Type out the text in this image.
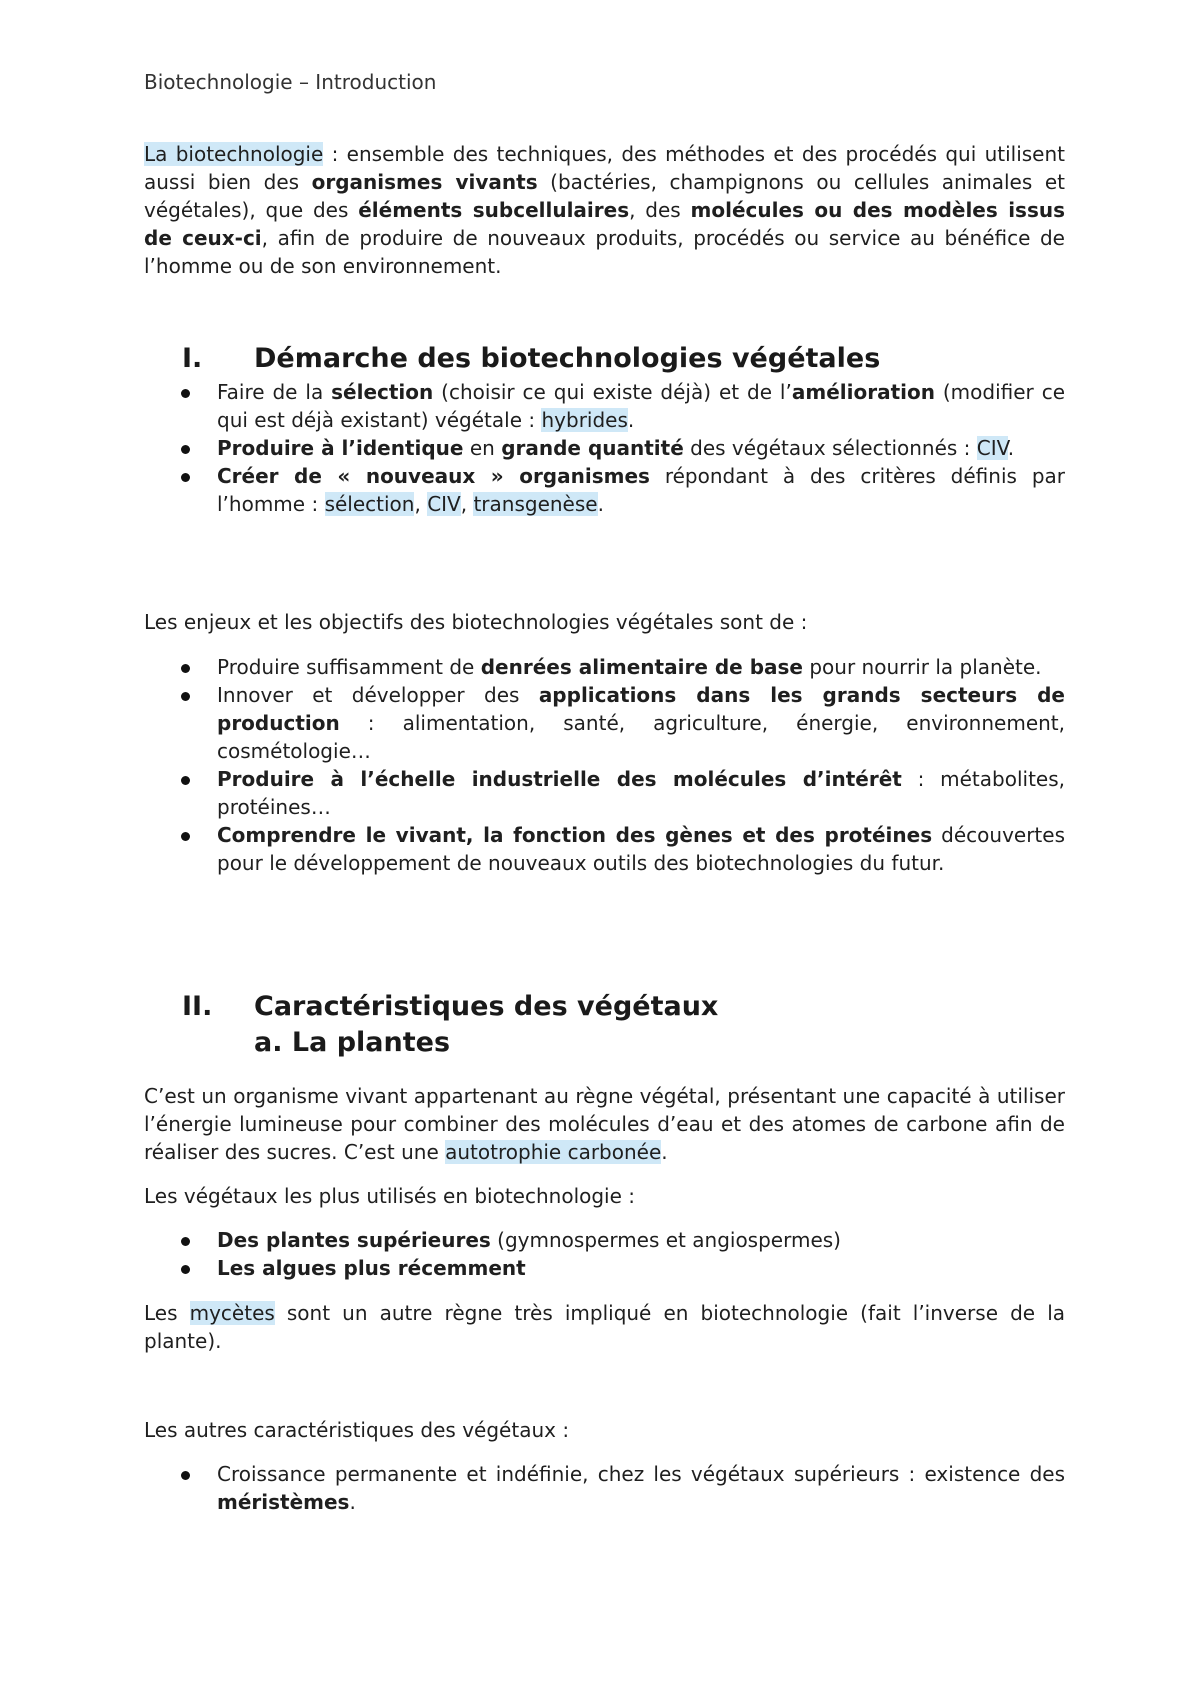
Biotechnologie – Introduction

La biotechnologie : ensemble des techniques, des méthodes et des procédés qui utilisent aussi bien des organismes vivants (bactéries, champignons ou cellules animales et végétales), que des éléments subcellulaires, des molécules ou des modèles issus de ceux-ci, afin de produire de nouveaux produits, procédés ou service au bénéfice de l’homme ou de son environnement.

I.	Démarche des biotechnologies végétales
Faire de la sélection (choisir ce qui existe déjà) et de l’amélioration (modifier ce qui est déjà existant) végétale : hybrides.
Produire à l’identique en grande quantité des végétaux sélectionnés : CIV.
Créer de « nouveaux » organismes répondant à des critères définis par l’homme : sélection, CIV, transgenèse.

Les enjeux et les objectifs des biotechnologies végétales sont de :

Produire suffisamment de denrées alimentaire de base pour nourrir la planète.
Innover et développer des applications dans les grands secteurs de production : alimentation, santé, agriculture, énergie, environnement, cosmétologie…
Produire à l’échelle industrielle des molécules d’intérêt : métabolites, protéines…
Comprendre le vivant, la fonction des gènes et des protéines découvertes pour le développement de nouveaux outils des biotechnologies du futur.
II.	Caractéristiques des végétaux
a. La plantes

C’est un organisme vivant appartenant au règne végétal, présentant une capacité à utiliser l’énergie lumineuse pour combiner des molécules d’eau et des atomes de carbone afin de réaliser des sucres. C’est une autotrophie carbonée.

Les végétaux les plus utilisés en biotechnologie :

Des plantes supérieures (gymnospermes et angiospermes)
Les algues plus récemment

Les mycètes sont un autre règne très impliqué en biotechnologie (fait l’inverse de la plante).

Les autres caractéristiques des végétaux :

Croissance permanente et indéfinie, chez les végétaux supérieurs : existence des méristèmes.
